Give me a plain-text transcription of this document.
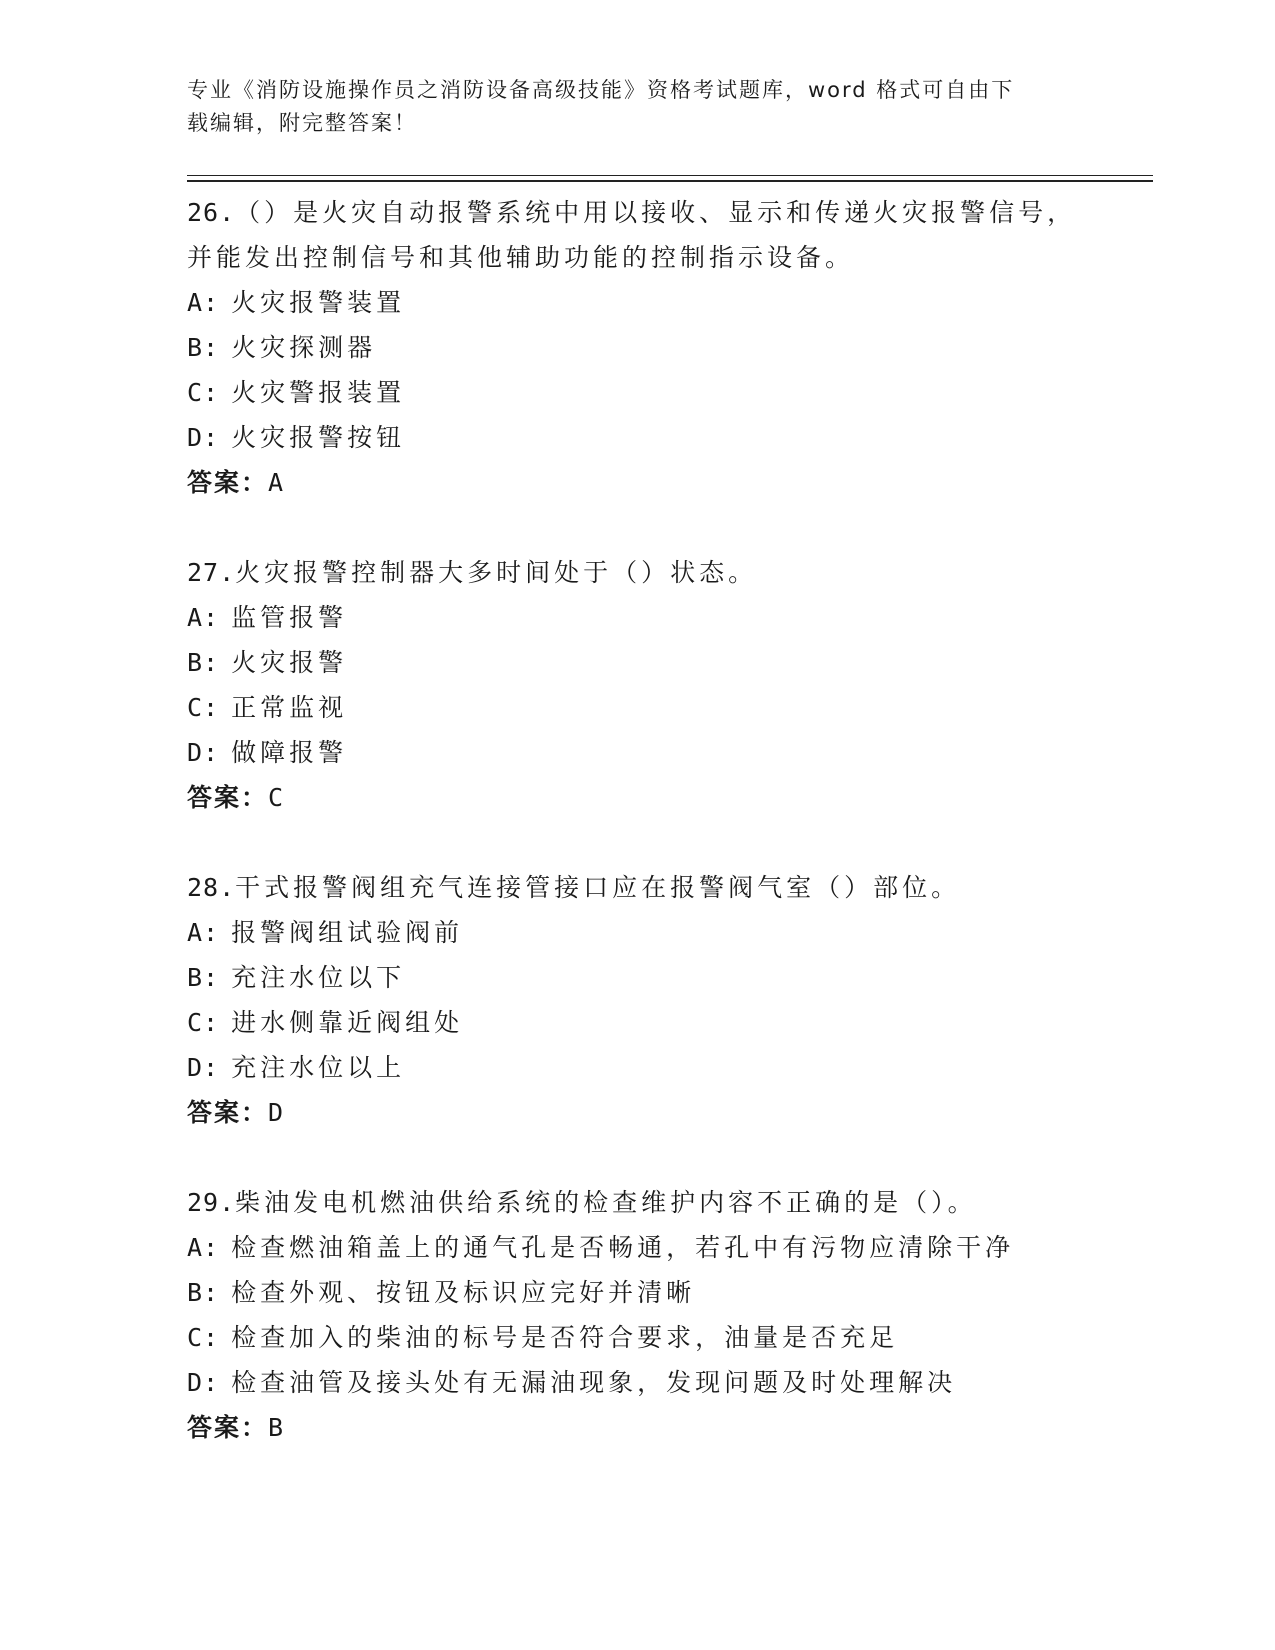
专业《消防设施操作员之消防设备高级技能》资格考试题库，word 格式可自由下
载编辑，附完整答案！
26.（）是火灾自动报警系统中用以接收、显示和传递火灾报警信号，
并能发出控制信号和其他辅助功能的控制指示设备。
A: 火灾报警装置
B: 火灾探测器
C: 火灾警报装置
D: 火灾报警按钮
答案：A
27.火灾报警控制器大多时间处于（）状态。
A: 监管报警
B: 火灾报警
C: 正常监视
D: 做障报警
答案：C
28.干式报警阀组充气连接管接口应在报警阀气室（）部位。
A: 报警阀组试验阀前
B: 充注水位以下
C: 进水侧靠近阀组处
D: 充注水位以上
答案：D
29.柴油发电机燃油供给系统的检查维护内容不正确的是（）。
A: 检查燃油箱盖上的通气孔是否畅通，若孔中有污物应清除干净
B: 检查外观、按钮及标识应完好并清晰
C: 检查加入的柴油的标号是否符合要求，油量是否充足
D: 检查油管及接头处有无漏油现象，发现问题及时处理解决
答案：B
